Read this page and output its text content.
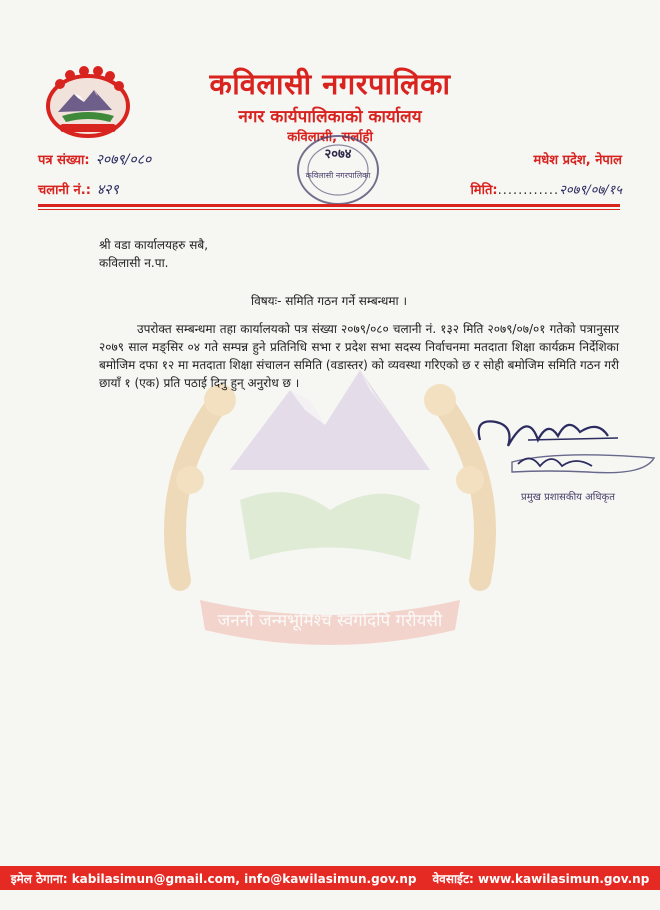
कविलासी नगरपालिका
नगर कार्यपालिकाको कार्यालय
कविलासी, सर्लाही
२०७४
कविलासी नगरपालिका
पत्र संख्या: २०७९/०८०
चलानी नं.: ४२९
मधेश प्रदेश, नेपाल
मिति:............२०७९/०७/१५
जननी जन्मभूमिश्च स्वर्गादपि गरीयसी
श्री वडा कार्यालयहरु सबै,
कविलासी न.पा.
विषयः- समिति गठन गर्ने सम्बन्धमा ।
उपरोक्त सम्बन्धमा तहा कार्यालयको पत्र संख्या २०७९/०८० चलानी नं. १३२ मिति २०७९/०७/०१ गतेको पत्रानुसार २०७९ साल मङ्सिर ०४ गते सम्पन्न हुने प्रतिनिधि सभा र प्रदेश सभा सदस्य निर्वाचनमा मतदाता शिक्षा कार्यक्रम निर्देशिका बमोजिम दफा १२ मा मतदाता शिक्षा संचालन समिति (वडास्तर) को व्यवस्था गरिएको छ र सोही बमोजिम समिति गठन गरी छायाँ १ (एक) प्रति पठाई दिनु हुन् अनुरोध छ ।
प्रमुख प्रशासकीय अधिकृत
इमेल ठेगाना: kabilasimun@gmail.com, info@kawilasimun.gov.np वेवसाईट: www.kawilasimun.gov.np
